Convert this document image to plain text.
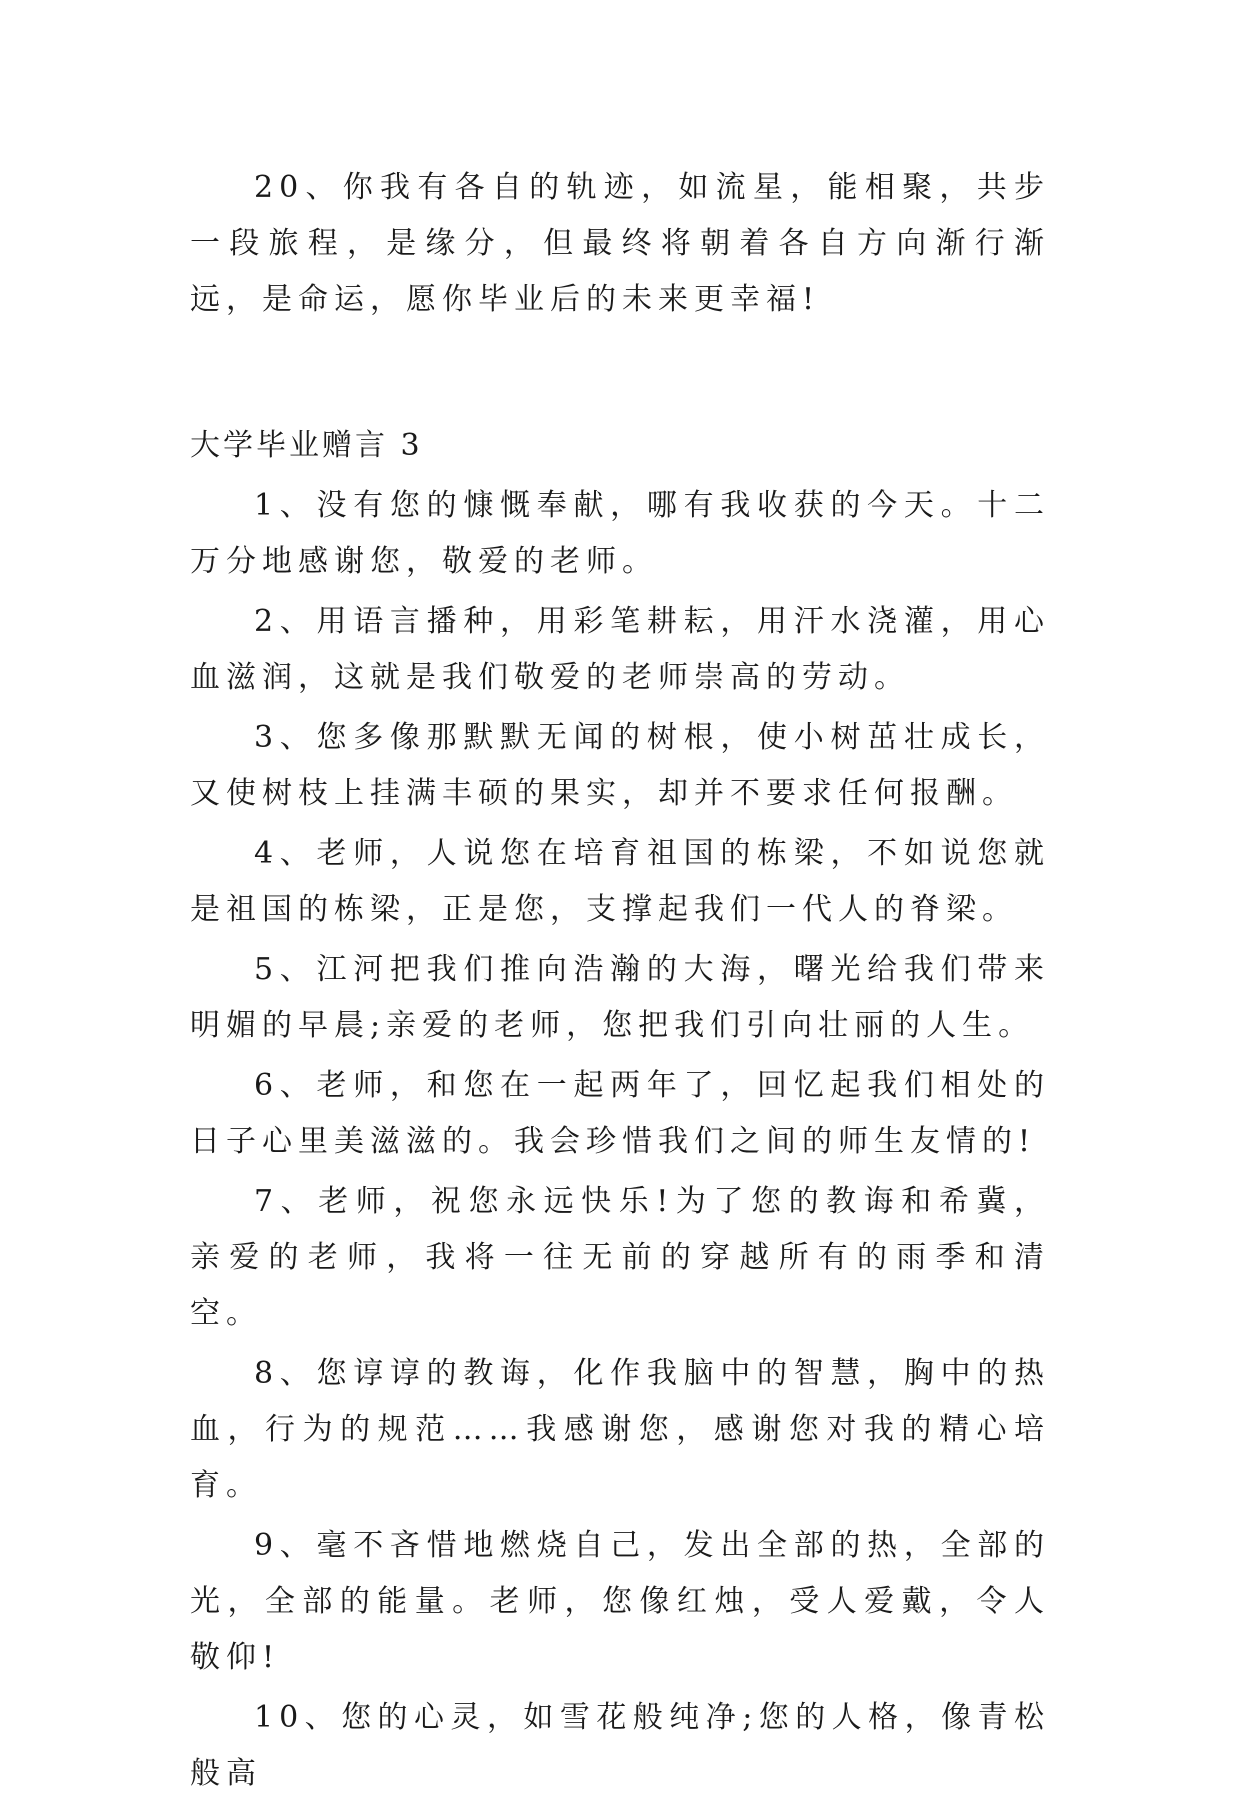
20、你我有各自的轨迹，如流星，能相聚，共步一段旅程，是缘分，但最终将朝着各自方向渐行渐远，是命运，愿你毕业后的未来更幸福!

大学毕业赠言 3

1、没有您的慷慨奉献，哪有我收获的今天。十二万分地感谢您，敬爱的老师。

2、用语言播种，用彩笔耕耘，用汗水浇灌，用心血滋润，这就是我们敬爱的老师崇高的劳动。

3、您多像那默默无闻的树根，使小树茁壮成长，又使树枝上挂满丰硕的果实，却并不要求任何报酬。

4、老师，人说您在培育祖国的栋梁，不如说您就是祖国的栋梁，正是您，支撑起我们一代人的脊梁。

5、江河把我们推向浩瀚的大海，曙光给我们带来明媚的早晨;亲爱的老师，您把我们引向壮丽的人生。

6、老师，和您在一起两年了，回忆起我们相处的日子心里美滋滋的。我会珍惜我们之间的师生友情的!

7、老师，祝您永远快乐!为了您的教诲和希冀，亲爱的老师，我将一往无前的穿越所有的雨季和清空。

8、您谆谆的教诲，化作我脑中的智慧，胸中的热血，行为的规范……我感谢您，感谢您对我的精心培育。

9、毫不吝惜地燃烧自己，发出全部的热，全部的光，全部的能量。老师，您像红烛，受人爱戴，令人敬仰!

10、您的心灵，如雪花般纯净;您的人格，像青松般高
